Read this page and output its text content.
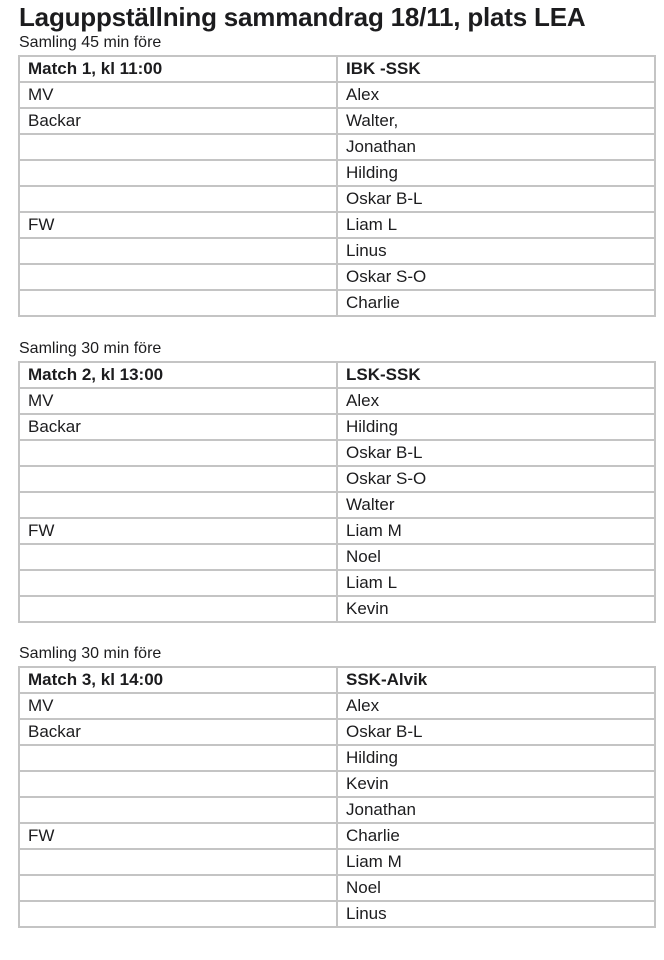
Laguppställning sammandrag 18/11, plats LEA
Samling 45 min före
Match 1, kl 11:00	IBK -SSK
MV	Alex
Backar	Walter,
	Jonathan
	Hilding
	Oskar B-L
FW	Liam L
	Linus
	Oskar S-O
	Charlie
Samling 30 min före
Match 2, kl 13:00	LSK-SSK
MV	Alex
Backar	Hilding
	Oskar B-L
	Oskar S-O
	Walter
FW	Liam M
	Noel
	Liam L
	Kevin
Samling 30 min före
Match 3, kl 14:00	SSK-Alvik
MV	Alex
Backar	Oskar B-L
	Hilding
	Kevin
	Jonathan
FW	Charlie
	Liam M
	Noel
	Linus
